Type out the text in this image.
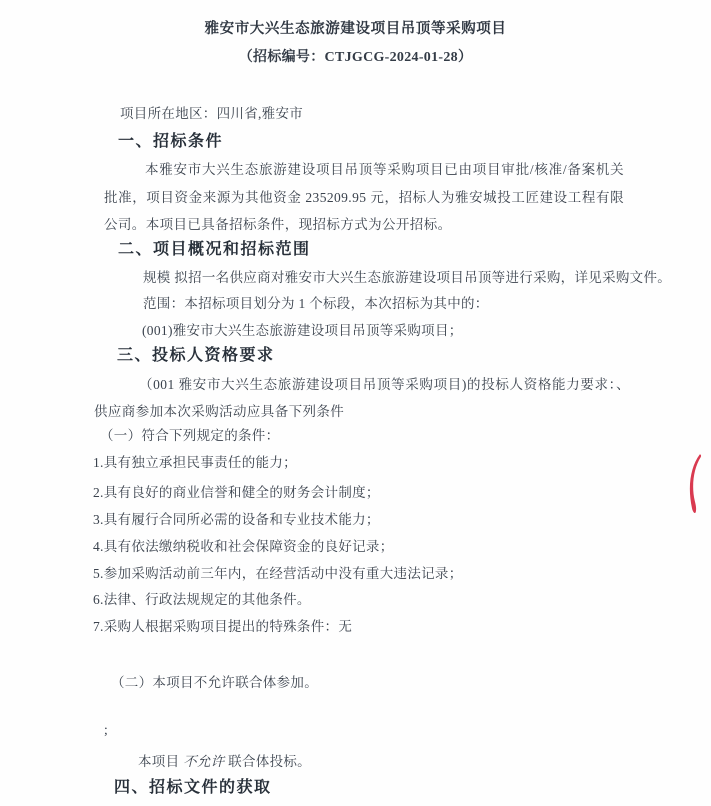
雅安市大兴生态旅游建设项目吊顶等采购项目
（招标编号：CTJGCG-2024-01-28）
项目所在地区：四川省,雅安市
一、招标条件

本雅安市大兴生态旅游建设项目吊顶等采购项目已由项目审批/核准/备案机关批准，项目资金来源为其他资金 235209.95 元，招标人为雅安城投工匠建设工程有限公司。本项目已具备招标条件，现招标方式为公开招标。

二、项目概况和招标范围
规模 拟招一名供应商对雅安市大兴生态旅游建设项目吊顶等进行采购，详见采购文件。
范围：本招标项目划分为 1 个标段，本次招标为其中的：
(001)雅安市大兴生态旅游建设项目吊顶等采购项目；
三、投标人资格要求

（001 雅安市大兴生态旅游建设项目吊顶等采购项目)的投标人资格能力要求：、供应商参加本次采购活动应具备下列条件

（一）符合下列规定的条件：
1.具有独立承担民事责任的能力；
2.具有良好的商业信誉和健全的财务会计制度；
3.具有履行合同所必需的设备和专业技术能力；
4.具有依法缴纳税收和社会保障资金的良好记录；
5.参加采购活动前三年内，在经营活动中没有重大违法记录；
6.法律、行政法规规定的其他条件。
7.采购人根据采购项目提出的特殊条件：无
（二）本项目不允许联合体参加。
;
本项目 不允许 联合体投标。
四、招标文件的获取
